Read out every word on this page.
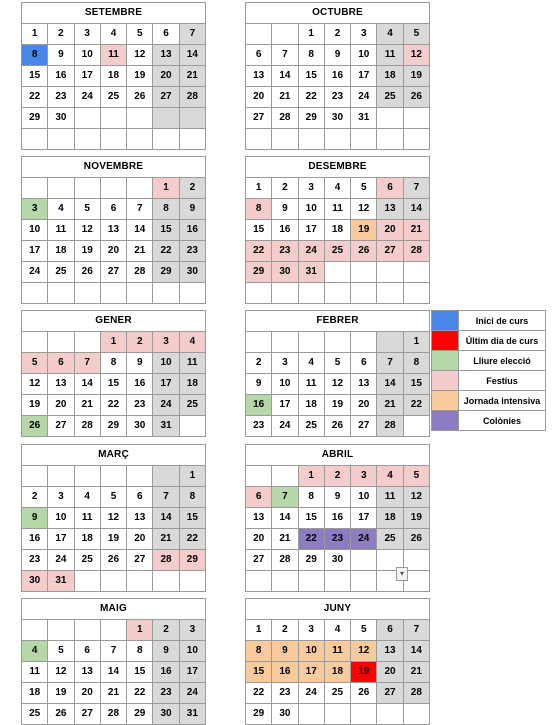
SETEMBRE						
1	2	3	4	5	6	7
8	9	10	11	12	13	14
15	16	17	18	19	20	21
22	23	24	25	26	27	28
29	30					

OCTUBRE						
		1	2	3	4	5
6	7	8	9	10	11	12
13	14	15	16	17	18	19
20	21	22	23	24	25	26
27	28	29	30	31		

NOVEMBRE						
					1	2
3	4	5	6	7	8	9
10	11	12	13	14	15	16
17	18	19	20	21	22	23
24	25	26	27	28	29	30

DESEMBRE						
1	2	3	4	5	6	7
8	9	10	11	12	13	14
15	16	17	18	19	20	21
22	23	24	25	26	27	28
29	30	31				

GENER						
			1	2	3	4
5	6	7	8	9	10	11
12	13	14	15	16	17	18
19	20	21	22	23	24	25
26	27	28	29	30	31	
FEBRER						
						1
2	3	4	5	6	7	8
9	10	11	12	13	14	15
16	17	18	19	20	21	22
23	24	25	26	27	28	
MARÇ						
						1
2	3	4	5	6	7	8
9	10	11	12	13	14	15
16	17	18	19	20	21	22
23	24	25	26	27	28	29
30	31					
ABRIL						
		1	2	3	4	5
6	7	8	9	10	11	12
13	14	15	16	17	18	19
20	21	22	23	24	25	26
27	28	29	30			

MAIG						
				1	2	3
4	5	6	7	8	9	10
11	12	13	14	15	16	17
18	19	20	21	22	23	24
25	26	27	28	29	30	31
JUNY						
1	2	3	4	5	6	7
8	9	10	11	12	13	14
15	16	17	18	19	20	21
22	23	24	25	26	27	28
29	30					
	Inici de curs
	Últim dia de curs
	Lliure elecció
	Festius
	Jornada intensiva
	Colònies
▾
